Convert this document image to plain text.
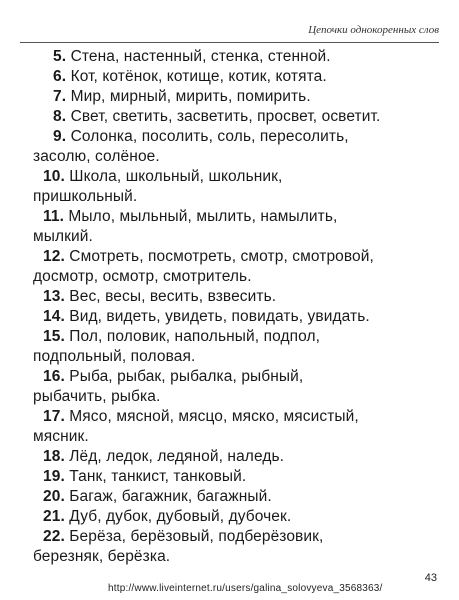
Цепочки однокоренных слов
5. Стена, настенный, стенка, стенной.
6. Кот, котёнок, котище, котик, котята.
7. Мир, мирный, мирить, помирить.
8. Свет, светить, засветить, просвет, осветит.
9. Солонка, посолить, соль, пересолить,
засолю, солёное.
10. Школа, школьный, школьник,
пришкольный.
11. Мыло, мыльный, мылить, намылить,
мылкий.
12. Смотреть, посмотреть, смотр, смотровой,
досмотр, осмотр, смотритель.
13. Вес, весы, весить, взвесить.
14. Вид, видеть, увидеть, повидать, увидать.
15. Пол, половик, напольный, подпол,
подпольный, половая.
16. Рыба, рыбак, рыбалка, рыбный,
рыбачить, рыбка.
17. Мясо, мясной, мясцо, мяско, мясистый,
мясник.
18. Лёд, ледок, ледяной, наледь.
19. Танк, танкист, танковый.
20. Багаж, багажник, багажный.
21. Дуб, дубок, дубовый, дубочек.
22. Берёза, берёзовый, подберёзовик,
березняк, берёзка.
http://www.liveinternet.ru/users/galina_solovyeva_3568363/
43
